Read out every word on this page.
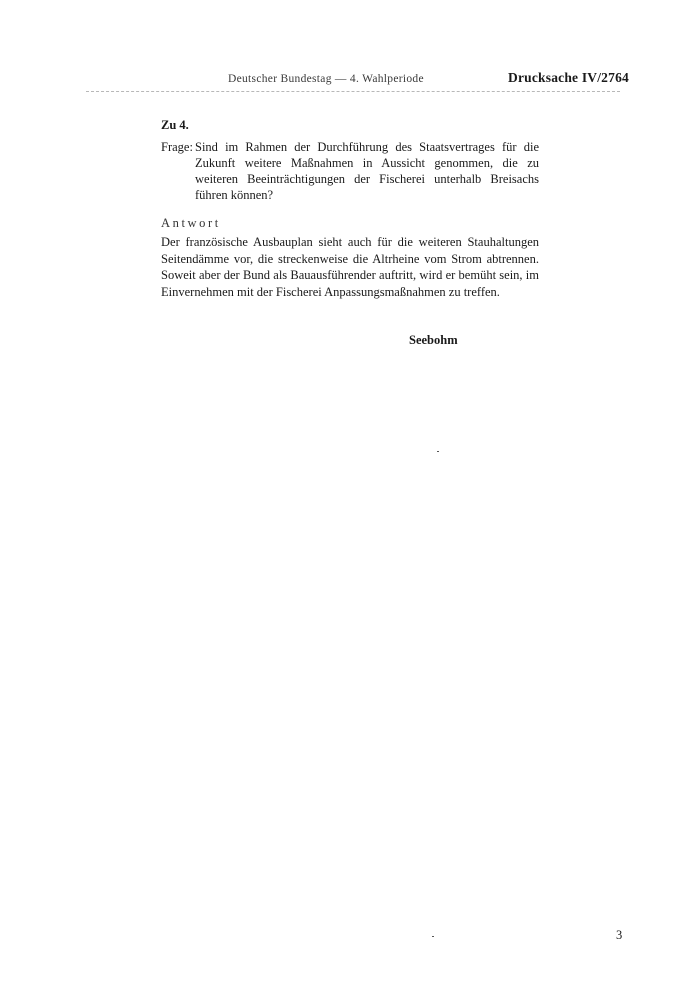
Deutscher Bundestag — 4. Wahlperiode	Drucksache IV/2764
Zu 4.
Frage: Sind im Rahmen der Durchführung des Staatsvertrages für die Zukunft weitere Maßnahmen in Aussicht genommen, die zu weiteren Beeinträchtigungen der Fischerei unterhalb Breisachs führen können?
Antwort
Der französische Ausbauplan sieht auch für die weiteren Stauhaltungen Seitendämme vor, die streckenweise die Altrheine vom Strom abtrennen. Soweit aber der Bund als Bauausführender auftritt, wird er bemüht sein, im Einvernehmen mit der Fischerei Anpassungsmaßnahmen zu treffen.
Seebohm
3
